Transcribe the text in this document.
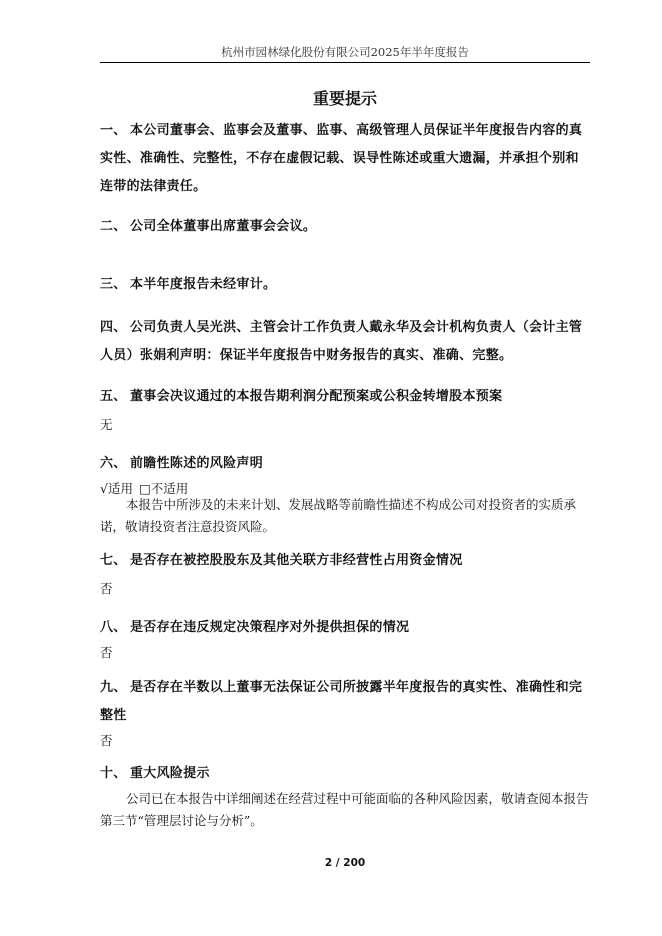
杭州市园林绿化股份有限公司2025年半年度报告
重要提示
一、 本公司董事会、监事会及董事、监事、高级管理人员保证半年度报告内容的真实性、准确性、完整性，不存在虚假记载、误导性陈述或重大遗漏，并承担个别和连带的法律责任。
二、 公司全体董事出席董事会会议。
三、 本半年度报告未经审计。
四、 公司负责人吴光洪、主管会计工作负责人戴永华及会计机构负责人（会计主管人员）张娟利声明：保证半年度报告中财务报告的真实、准确、完整。
五、 董事会决议通过的本报告期利润分配预案或公积金转增股本预案
无
六、 前瞻性陈述的风险声明
√适用 □不适用
本报告中所涉及的未来计划、发展战略等前瞻性描述不构成公司对投资者的实质承诺，敬请投资者注意投资风险。
七、 是否存在被控股股东及其他关联方非经营性占用资金情况
否
八、 是否存在违反规定决策程序对外提供担保的情况
否
九、 是否存在半数以上董事无法保证公司所披露半年度报告的真实性、准确性和完整性
否
十、 重大风险提示
公司已在本报告中详细阐述在经营过程中可能面临的各种风险因素，敬请查阅本报告第三节“管理层讨论与分析”。
2 / 200
